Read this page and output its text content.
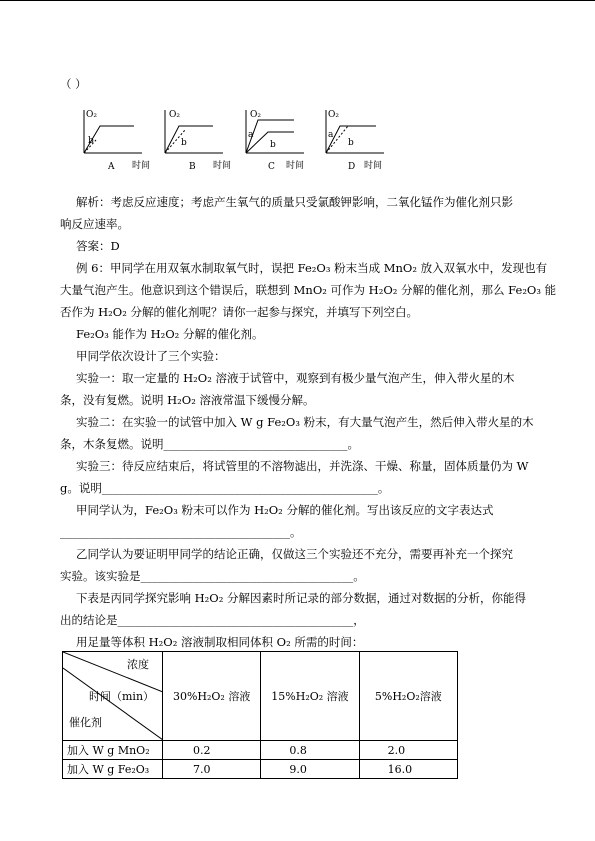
（ ）
O₂
b
A 时间
O₂
b
B 时间
O₂
a
b
C 时间
O₂
a
b
D 时间
解析：考虑反应速度；考虑产生氧气的质量只受氯酸钾影响，二氧化锰作为催化剂只影
响反应速率。
答案：D
例 6：甲同学在用双氧水制取氧气时，误把 Fe₂O₃ 粉末当成 MnO₂ 放入双氧水中，发现也有
大量气泡产生。他意识到这个错误后，联想到 MnO₂ 可作为 H₂O₂ 分解的催化剂，那么 Fe₂O₃ 能
否作为 H₂O₂ 分解的催化剂呢？请你一起参与探究，并填写下列空白。
Fe₂O₃ 能作为 H₂O₂ 分解的催化剂。
甲同学依次设计了三个实验：
实验一：取一定量的 H₂O₂ 溶液于试管中，观察到有极少量气泡产生，伸入带火星的木
条，没有复燃。说明 H₂O₂ 溶液常温下缓慢分解。
实验二：在实验一的试管中加入 W g Fe₂O₃ 粉末，有大量气泡产生，然后伸入带火星的木
条，木条复燃。说明________________________________。
实验三：待反应结束后，将试管里的不溶物滤出，并洗涤、干燥、称量，固体质量仍为 W
g。说明________________________________________________。
甲同学认为，Fe₂O₃ 粉末可以作为 H₂O₂ 分解的催化剂。写出该反应的文字表达式
________________________________________。
乙同学认为要证明甲同学的结论正确，仅做这三个实验还不充分，需要再补充一个探究
实验。该实验是_____________________________________。
下表是丙同学探究影响 H₂O₂ 分解因素时所记录的部分数据，通过对数据的分析，你能得
出的结论是_________________________________________，
用足量等体积 H₂O₂ 溶液制取相同体积 O₂ 所需的时间：
浓度
时间（min）
催化剂	30%H₂O₂ 溶液	15%H₂O₂ 溶液	5%H₂O₂溶液
加入 W g MnO₂	0.2	0.8	2.0
加入 W g Fe₂O₃	7.0	9.0	16.0
